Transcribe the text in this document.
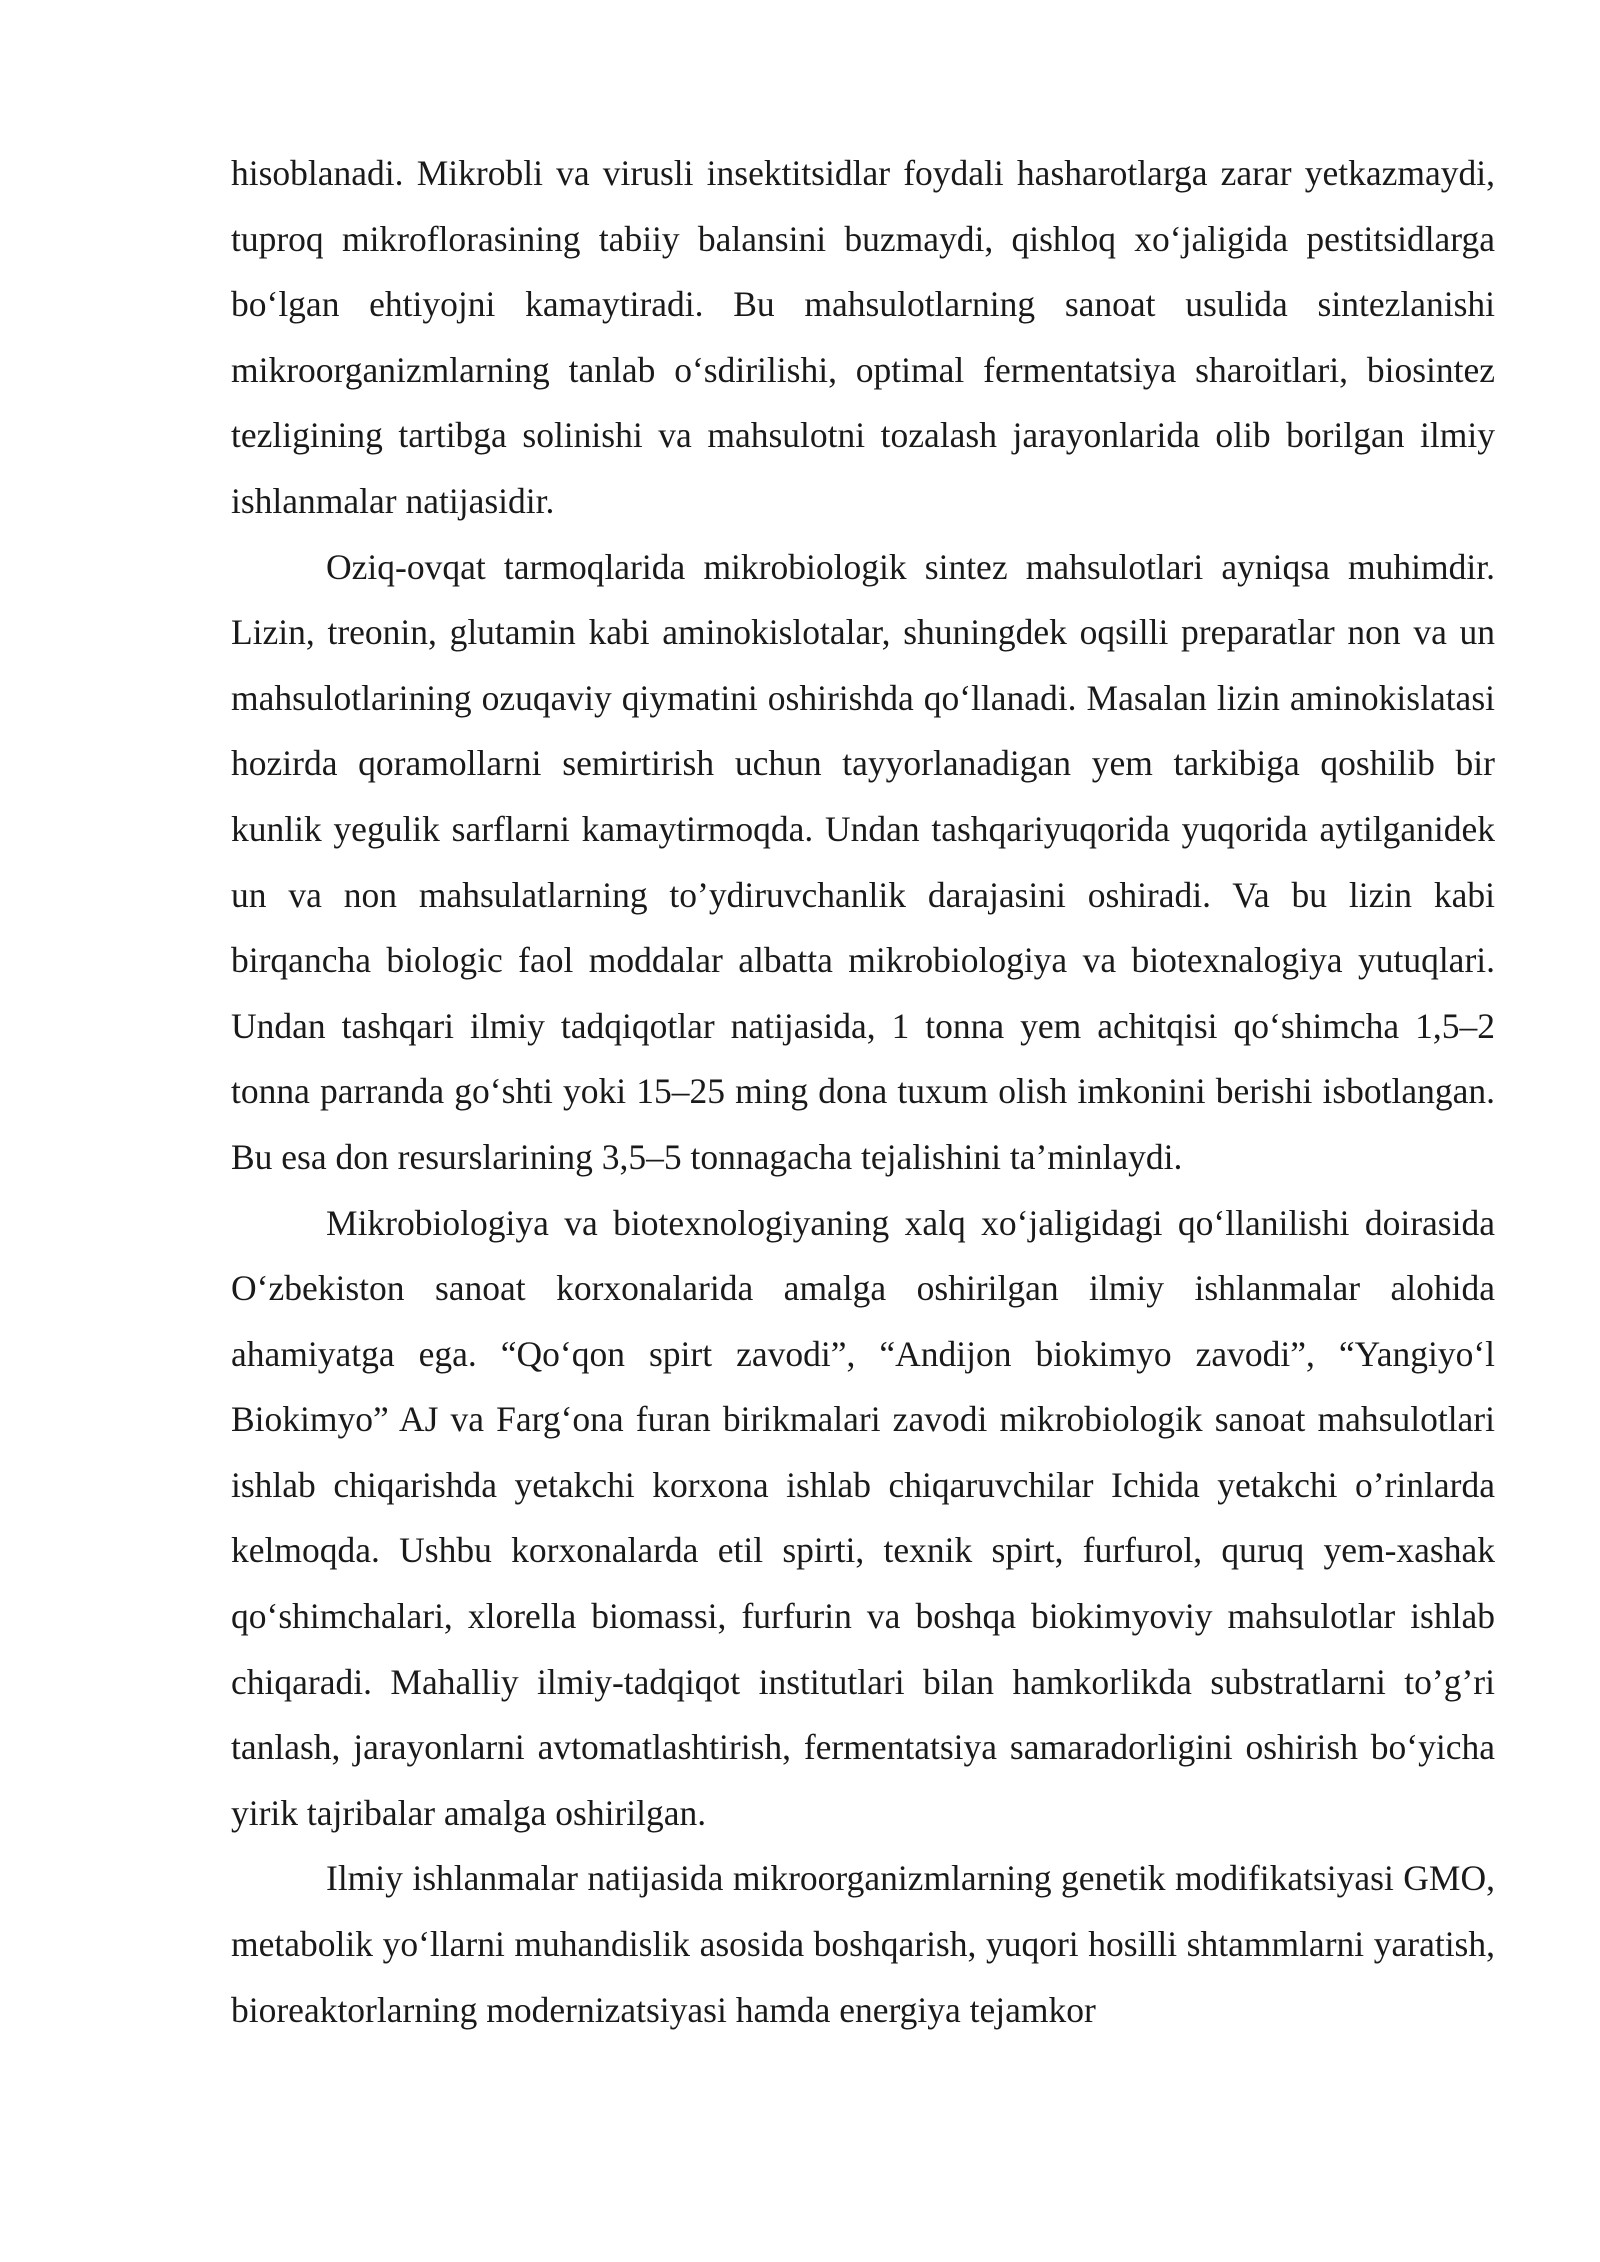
hisoblanadi. Mikrobli va virusli insektitsidlar foydali hasharotlarga zarar yetkazmaydi, tuproq mikroflorasining tabiiy balansini buzmaydi, qishloq xo‘jaligida pestitsidlarga bo‘lgan ehtiyojni kamaytiradi. Bu mahsulotlarning sanoat usulida sintezlanishi mikroorganizmlarning tanlab o‘sdirilishi, optimal fermentatsiya sharoitlari, biosintez tezligining tartibga solinishi va mahsulotni tozalash jarayonlarida olib borilgan ilmiy ishlanmalar natijasidir.

Oziq-ovqat tarmoqlarida mikrobiologik sintez mahsulotlari ayniqsa muhimdir. Lizin, treonin, glutamin kabi aminokislotalar, shuningdek oqsilli preparatlar non va un mahsulotlarining ozuqaviy qiymatini oshirishda qo‘llanadi. Masalan lizin aminokislatasi hozirda qoramollarni semirtirish uchun tayyorlanadigan yem tarkibiga qoshilib bir kunlik yegulik sarflarni kamaytirmoqda. Undan tashqariyuqorida yuqorida aytilganidek un va non mahsulatlarning to’ydiruvchanlik darajasini oshiradi. Va bu lizin kabi birqancha biologic faol moddalar albatta mikrobiologiya va biotexnalogiya yutuqlari. Undan tashqari ilmiy tadqiqotlar natijasida, 1 tonna yem achitqisi qo‘shimcha 1,5–2 tonna parranda go‘shti yoki 15–25 ming dona tuxum olish imkonini berishi isbotlangan. Bu esa don resurslarining 3,5–5 tonnagacha tejalishini ta’minlaydi.

Mikrobiologiya va biotexnologiyaning xalq xo‘jaligidagi qo‘llanilishi doirasida O‘zbekiston sanoat korxonalarida amalga oshirilgan ilmiy ishlanmalar alohida ahamiyatga ega. “Qo‘qon spirt zavodi”, “Andijon biokimyo zavodi”, “Yangiyo‘l Biokimyo” AJ va Farg‘ona furan birikmalari zavodi mikrobiologik sanoat mahsulotlari ishlab chiqarishda yetakchi korxona ishlab chiqaruvchilar Ichida yetakchi o’rinlarda kelmoqda. Ushbu korxonalarda etil spirti, texnik spirt, furfurol, quruq yem-xashak qo‘shimchalari, xlorella biomassi, furfurin va boshqa biokimyoviy mahsulotlar ishlab chiqaradi. Mahalliy ilmiy-tadqiqot institutlari bilan hamkorlikda substratlarni to’g’ri tanlash, jarayonlarni avtomatlashtirish, fermentatsiya samaradorligini oshirish bo‘yicha yirik tajribalar amalga oshirilgan.

Ilmiy ishlanmalar natijasida mikroorganizmlarning genetik modifikatsiyasi GMO, metabolik yo‘llarni muhandislik asosida boshqarish, yuqori hosilli shtammlarni yaratish, bioreaktorlarning modernizatsiyasi hamda energiya tejamkor
